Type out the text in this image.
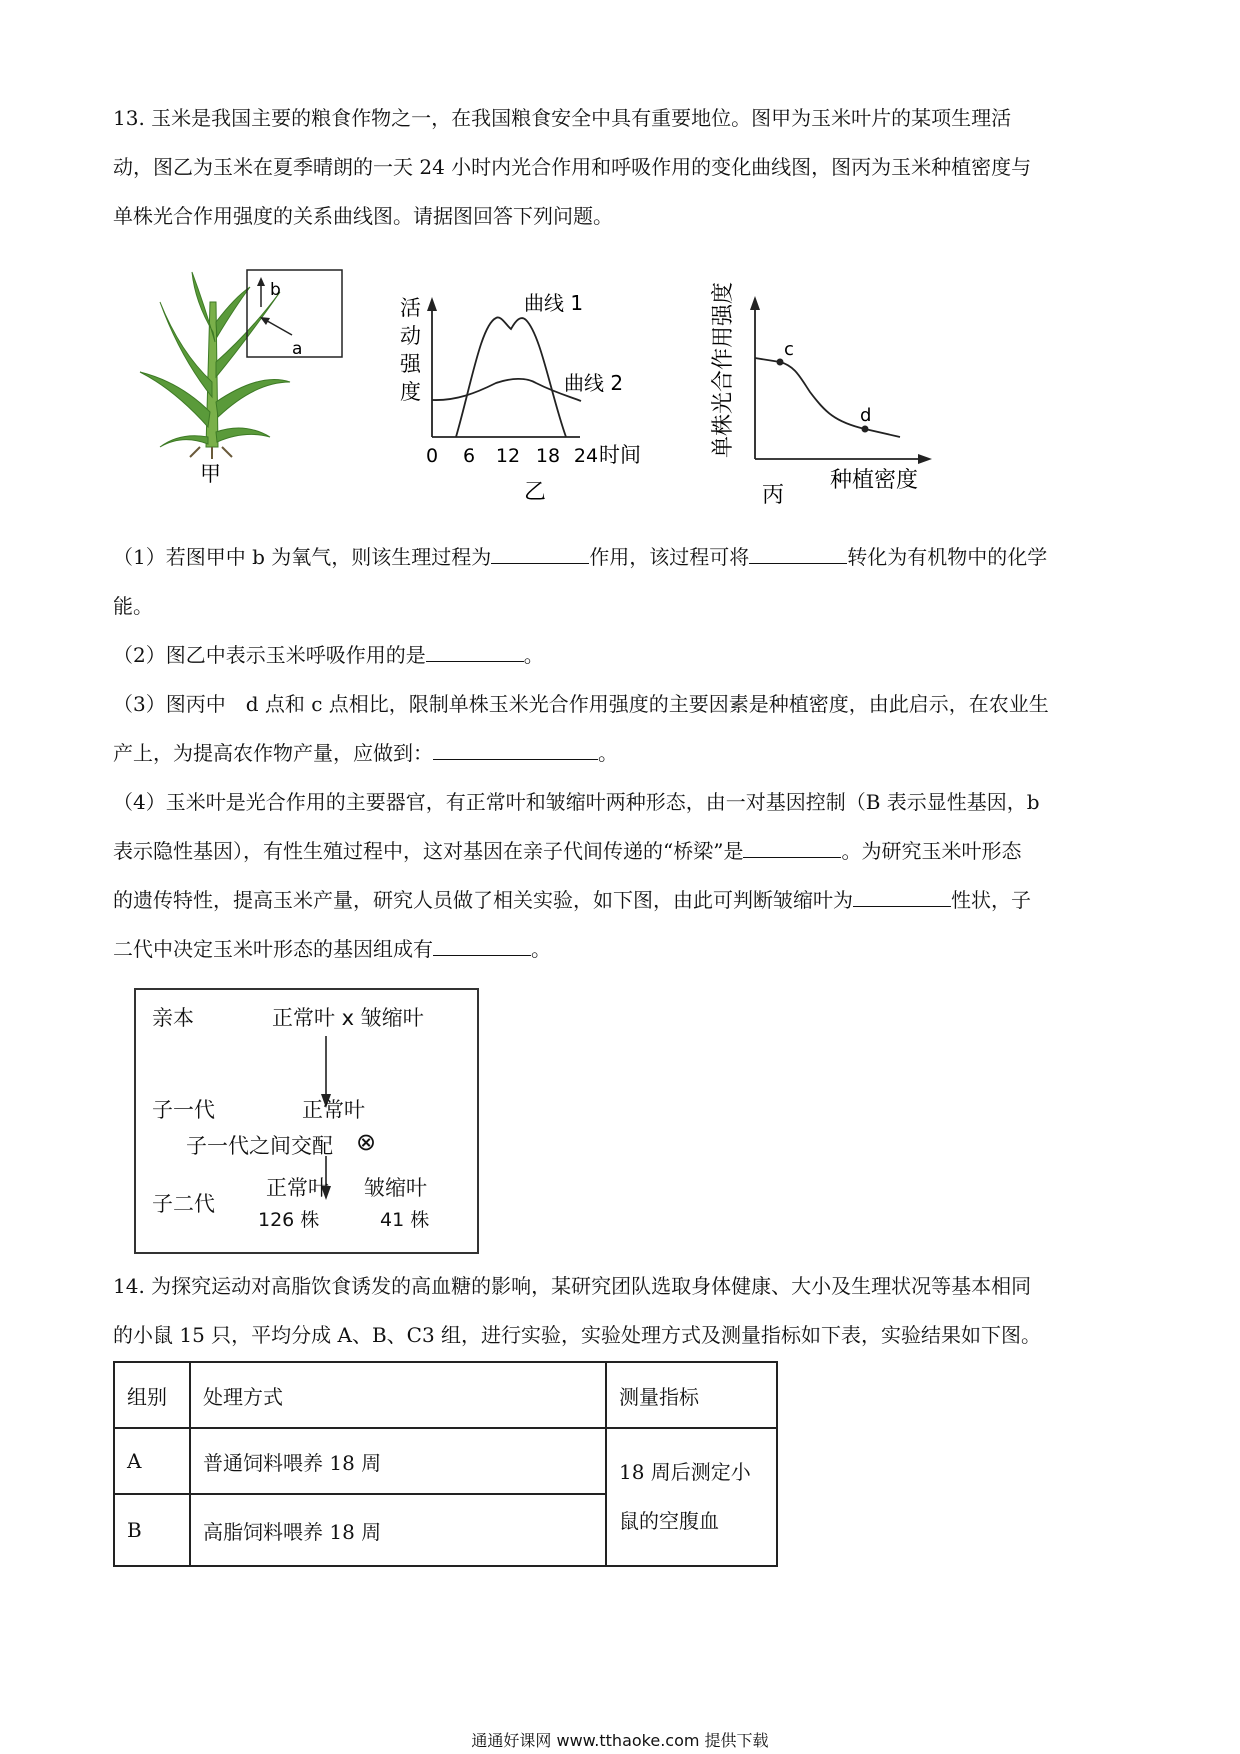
13. 玉米是我国主要的粮食作物之一，在我国粮食安全中具有重要地位。图甲为玉米叶片的某项生理活

动，图乙为玉米在夏季晴朗的一天 24 小时内光合作用和呼吸作用的变化曲线图，图丙为玉米种植密度与

单株光合作用强度的关系曲线图。请据图回答下列问题。

b
a
甲
活
动
强
度
曲线 1
曲线 2
0 6 12 18 24 时间
乙
单株光合作用强度	c
d
丙
种植密度

（1）若图甲中 b 为氧气，则该生理过程为	作用，该过程可将	转化为有机物中的化学

能。

（2）图乙中表示玉米呼吸作用的是	。

（3）图丙中　d 点和 c 点相比，限制单株玉米光合作用强度的主要因素是种植密度，由此启示，在农业生

产上，为提高农作物产量，应做到：	。

（4）玉米叶是光合作用的主要器官，有正常叶和皱缩叶两种形态，由一对基因控制（B 表示显性基因，b

表示隐性基因），有性生殖过程中，这对基因在亲子代间传递的“桥梁”是	。为研究玉米叶形态

的遗传特性，提高玉米产量，研究人员做了相关实验，如下图，由此可判断皱缩叶为	性状，子

二代中决定玉米叶形态的基因组成有	。

亲本	正常叶 x 皱缩叶
子一代	正常叶
子一代之间交配 ⊗
子二代
正常叶 皱缩叶
126 株	41 株

14. 为探究运动对高脂饮食诱发的高血糖的影响，某研究团队选取身体健康、大小及生理状况等基本相同

的小鼠 15 只，平均分成 A、B、C3 组，进行实验，实验处理方式及测量指标如下表，实验结果如下图。

组别	处理方式	测量指标
A	普通饲料喂养 18 周	18 周后测定小
鼠的空腹血

B	高脂饲料喂养 18 周	
通通好课网 www.tthaoke.com 提供下载
